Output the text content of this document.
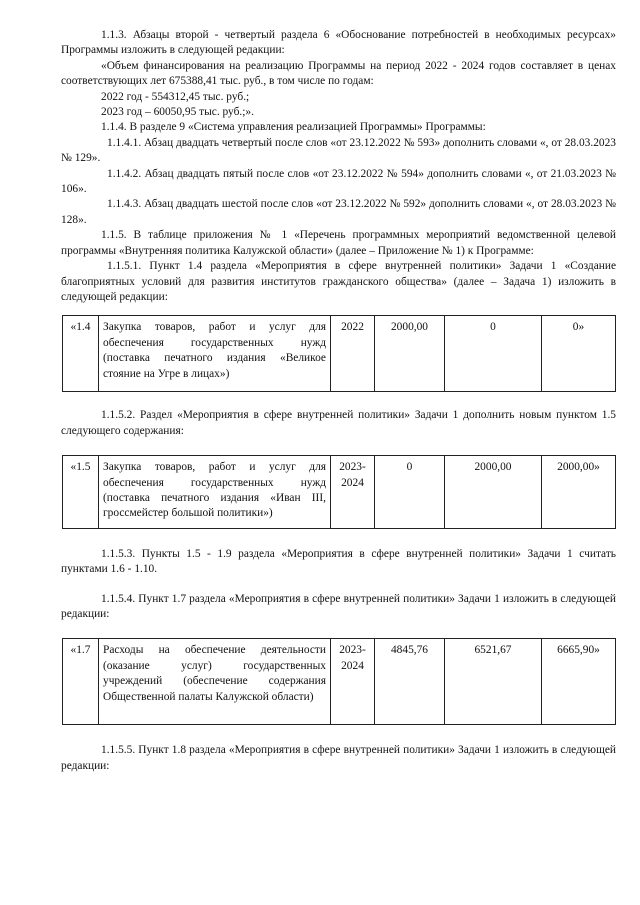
1.1.3. Абзацы второй - четвертый раздела 6 «Обоснование потребностей в необходимых ресурсах» Программы изложить в следующей редакции:

«Объем финансирования на реализацию Программы на период 2022 - 2024 годов составляет в ценах соответствующих лет 675388,41 тыс. руб., в том числе по годам:

2022 год - 554312,45 тыс. руб.;

2023 год – 60050,95 тыс. руб.;».

1.1.4. В разделе 9 «Система управления реализацией Программы» Программы:

1.1.4.1. Абзац двадцать четвертый после слов «от 23.12.2022 № 593» дополнить словами «, от 28.03.2023 № 129».

1.1.4.2. Абзац двадцать пятый после слов «от 23.12.2022 № 594» дополнить словами «, от 21.03.2023 № 106».

1.1.4.3. Абзац двадцать шестой после слов «от 23.12.2022 № 592» дополнить словами «, от 28.03.2023 № 128».

1.1.5. В таблице приложения № 1 «Перечень программных мероприятий ведомственной целевой программы «Внутренняя политика Калужской области» (далее – Приложение № 1) к Программе:

1.1.5.1. Пункт 1.4 раздела «Мероприятия в сфере внутренней политики» Задачи 1 «Создание благоприятных условий для развития институтов гражданского общества» (далее – Задача 1) изложить в следующей редакции:

«1.4	Закупка товаров, работ и услуг для обеспечения государственных нужд (поставка печатного издания «Великое стояние на Угре в лицах»)	2022	2000,00	0	0»

1.1.5.2. Раздел «Мероприятия в сфере внутренней политики» Задачи 1 дополнить новым пунктом 1.5 следующего содержания:

«1.5	Закупка товаров, работ и услуг для обеспечения государственных нужд (поставка печатного издания «Иван III, гроссмейстер большой политики»)	2023-2024	0	2000,00	2000,00»

1.1.5.3. Пункты 1.5 - 1.9 раздела «Мероприятия в сфере внутренней политики» Задачи 1 считать пунктами 1.6 - 1.10.

1.1.5.4. Пункт 1.7 раздела «Мероприятия в сфере внутренней политики» Задачи 1 изложить в следующей редакции:

«1.7	Расходы на обеспечение деятельности (оказание услуг) государственных учреждений (обеспечение содержания Общественной палаты Калужской области)	2023-2024	4845,76	6521,67	6665,90»

1.1.5.5. Пункт 1.8 раздела «Мероприятия в сфере внутренней политики» Задачи 1 изложить в следующей редакции:
